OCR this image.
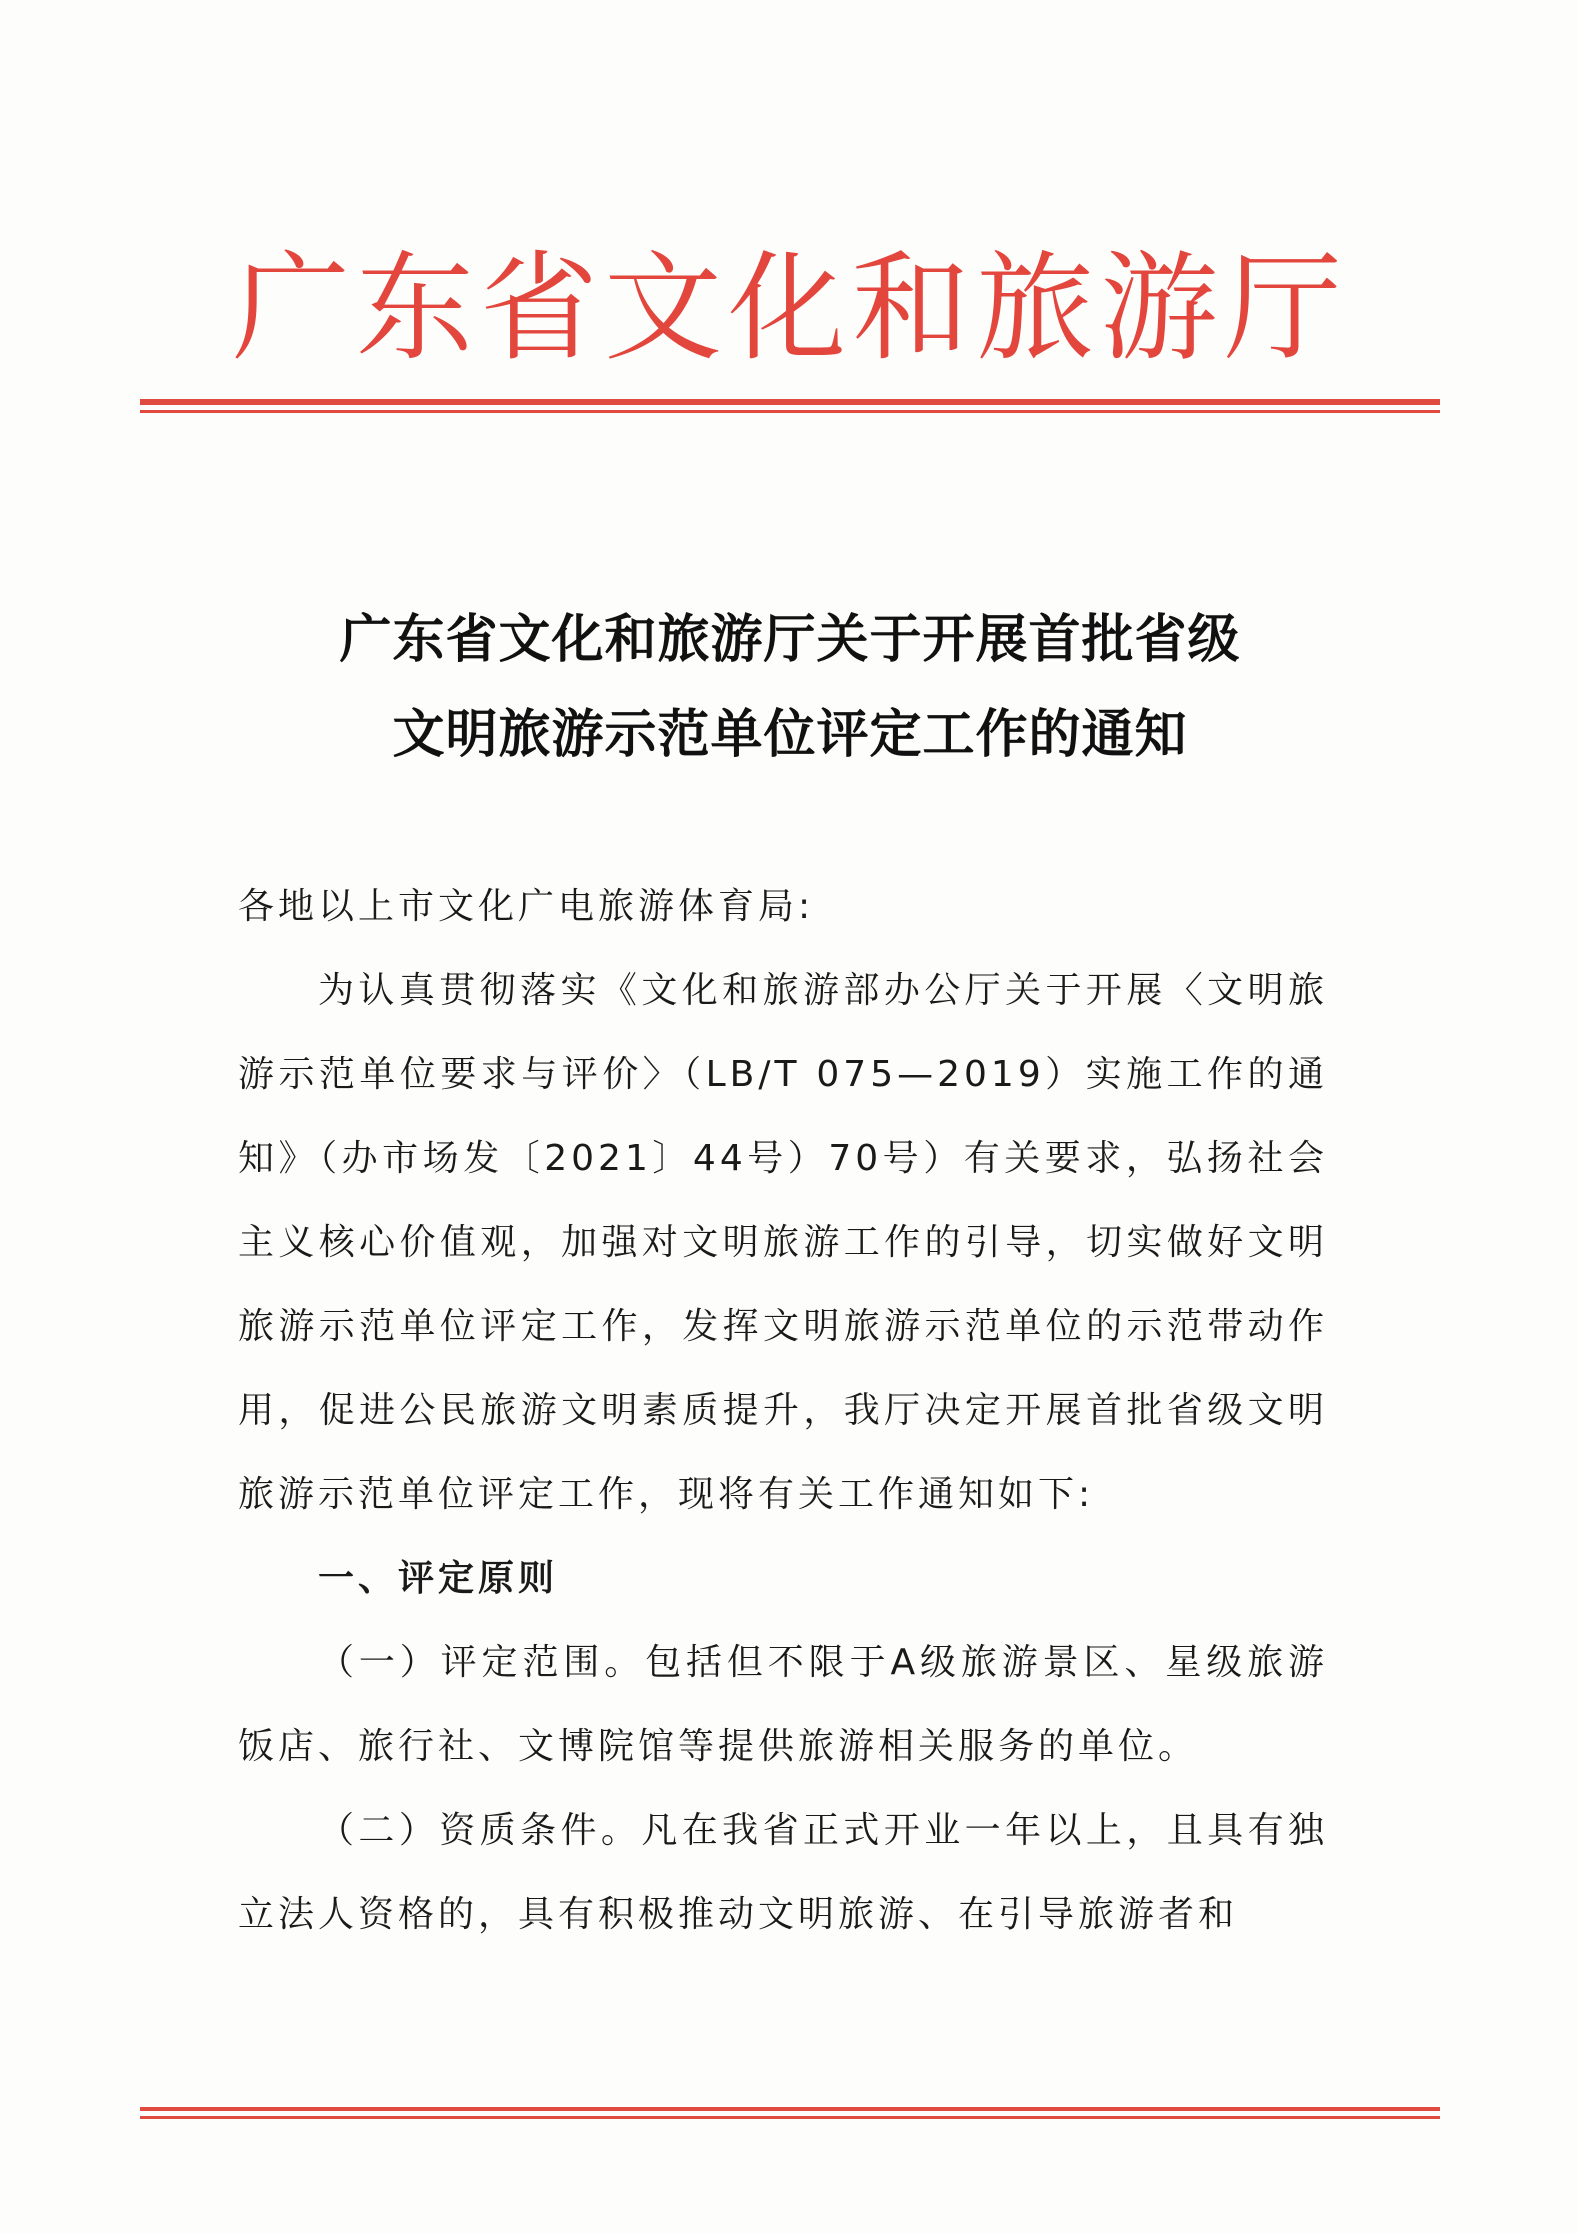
广东省文化和旅游厅
广东省文化和旅游厅关于开展首批省级
文明旅游示范单位评定工作的通知

各地以上市文化广电旅游体育局:

为认真贯彻落实《文化和旅游部办公厅关于开展〈文明旅游示范单位要求与评价〉（LB/T 075—2019）实施工作的通知》（办市场发〔2021〕44号）70号）有关要求，弘扬社会主义核心价值观，加强对文明旅游工作的引导，切实做好文明旅游示范单位评定工作，发挥文明旅游示范单位的示范带动作用，促进公民旅游文明素质提升，我厅决定开展首批省级文明旅游示范单位评定工作，现将有关工作通知如下:

一、评定原则

（一）评定范围。包括但不限于A级旅游景区、星级旅游饭店、旅行社、文博院馆等提供旅游相关服务的单位。

（二）资质条件。凡在我省正式开业一年以上，且具有独立法人资格的，具有积极推动文明旅游、在引导旅游者和
